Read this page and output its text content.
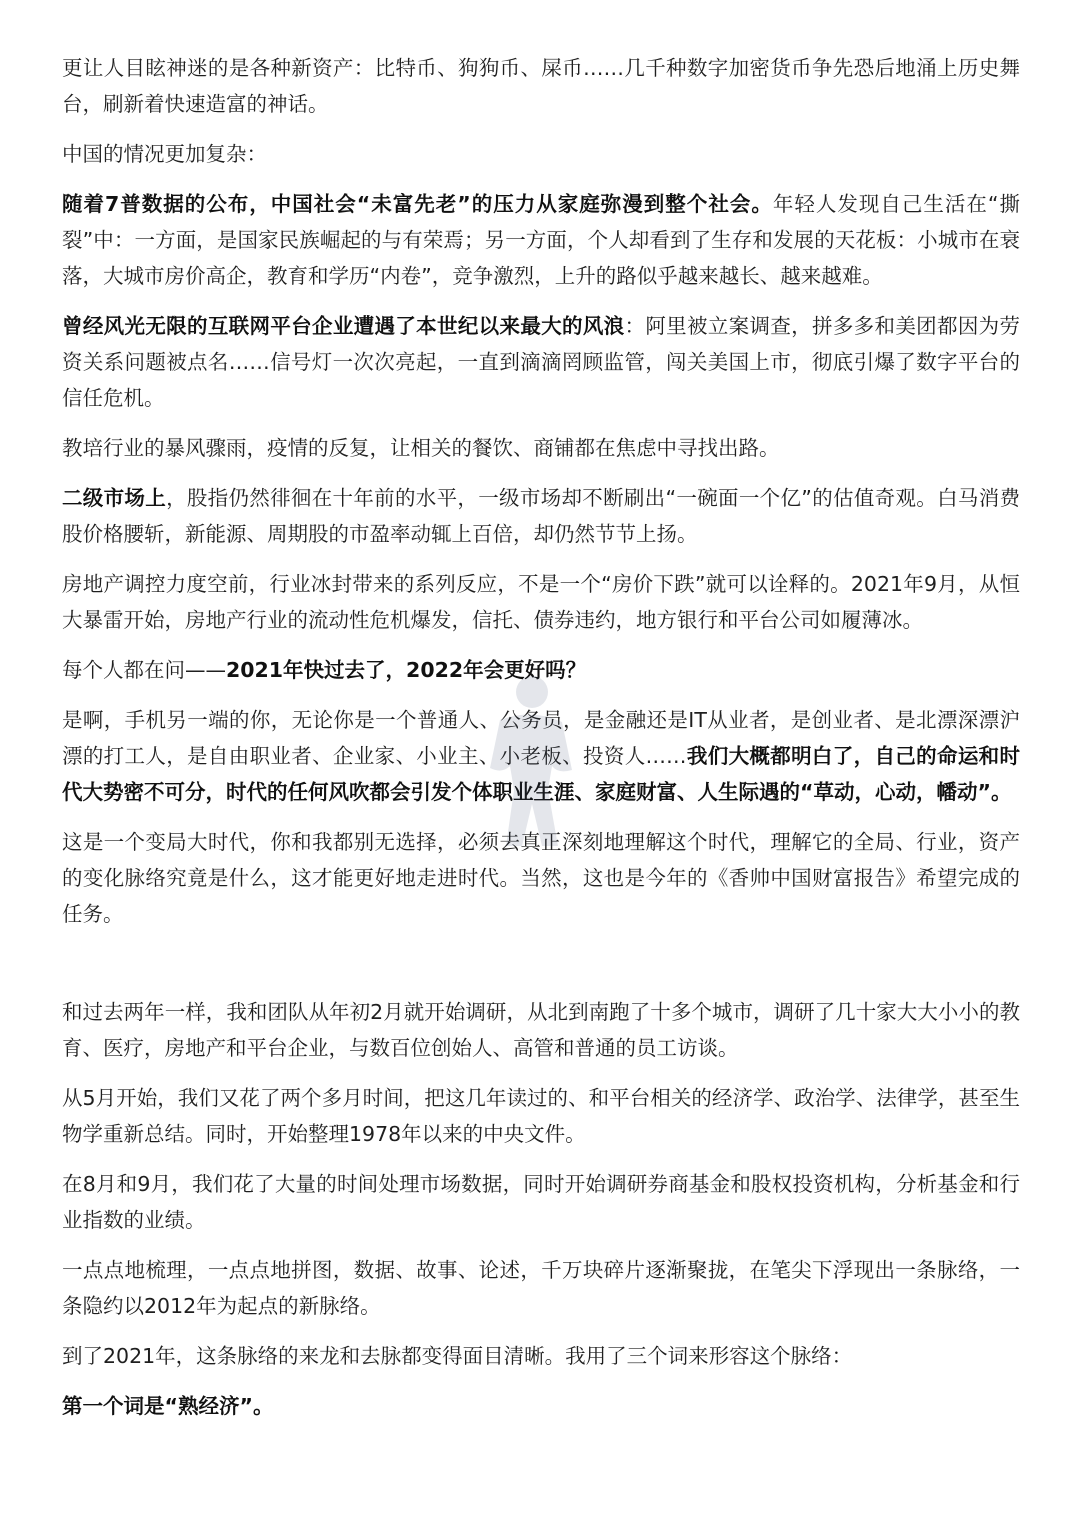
更让人目眩神迷的是各种新资产：比特币、狗狗币、屎币……几千种数字加密货币争先恐后地涌上历史舞台，刷新着快速造富的神话。

中国的情况更加复杂：

随着7普数据的公布，中国社会“未富先老”的压力从家庭弥漫到整个社会。年轻人发现自己生活在“撕裂”中：一方面，是国家民族崛起的与有荣焉；另一方面，个人却看到了生存和发展的天花板：小城市在衰落，大城市房价高企，教育和学历“内卷”，竞争激烈，上升的路似乎越来越长、越来越难。

曾经风光无限的互联网平台企业遭遇了本世纪以来最大的风浪：阿里被立案调查，拼多多和美团都因为劳资关系问题被点名……信号灯一次次亮起，一直到滴滴罔顾监管，闯关美国上市，彻底引爆了数字平台的信任危机。

教培行业的暴风骤雨，疫情的反复，让相关的餐饮、商铺都在焦虑中寻找出路。

二级市场上，股指仍然徘徊在十年前的水平，一级市场却不断刷出“一碗面一个亿”的估值奇观。白马消费股价格腰斩，新能源、周期股的市盈率动辄上百倍，却仍然节节上扬。

房地产调控力度空前，行业冰封带来的系列反应，不是一个“房价下跌”就可以诠释的。2021年9月，从恒大暴雷开始，房地产行业的流动性危机爆发，信托、债券违约，地方银行和平台公司如履薄冰。

每个人都在问——2021年快过去了，2022年会更好吗？

是啊，手机另一端的你，无论你是一个普通人、公务员，是金融还是IT从业者，是创业者、是北漂深漂沪漂的打工人，是自由职业者、企业家、小业主、小老板、投资人……我们大概都明白了，自己的命运和时代大势密不可分，时代的任何风吹都会引发个体职业生涯、家庭财富、人生际遇的“草动，心动，幡动”。

这是一个变局大时代，你和我都别无选择，必须去真正深刻地理解这个时代，理解它的全局、行业，资产的变化脉络究竟是什么，这才能更好地走进时代。当然，这也是今年的《香帅中国财富报告》希望完成的任务。

和过去两年一样，我和团队从年初2月就开始调研，从北到南跑了十多个城市，调研了几十家大大小小的教育、医疗，房地产和平台企业，与数百位创始人、高管和普通的员工访谈。

从5月开始，我们又花了两个多月时间，把这几年读过的、和平台相关的经济学、政治学、法律学，甚至生物学重新总结。同时，开始整理1978年以来的中央文件。

在8月和9月，我们花了大量的时间处理市场数据，同时开始调研券商基金和股权投资机构，分析基金和行业指数的业绩。

一点点地梳理，一点点地拼图，数据、故事、论述，千万块碎片逐渐聚拢，在笔尖下浮现出一条脉络，一条隐约以2012年为起点的新脉络。

到了2021年，这条脉络的来龙和去脉都变得面目清晰。我用了三个词来形容这个脉络：

第一个词是“熟经济”。
